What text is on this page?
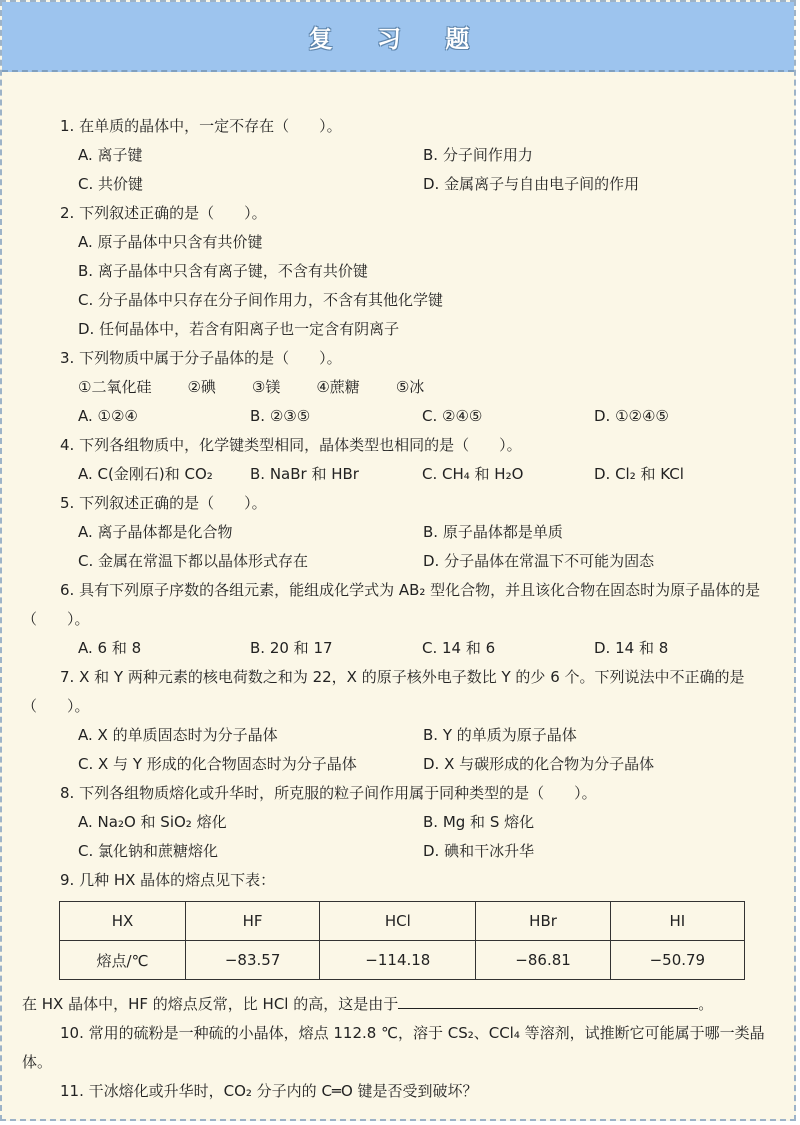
复 习 题

1. 在单质的晶体中，一定不存在（　　）。

A. 离子键	B. 分子间作用力
C. 共价键	D. 金属离子与自由电子间的作用

2. 下列叙述正确的是（　　）。

A. 原子晶体中只含有共价键
B. 离子晶体中只含有离子键，不含有共价键
C. 分子晶体中只存在分子间作用力，不含有其他化学键
D. 任何晶体中，若含有阳离子也一定含有阴离子

3. 下列物质中属于分子晶体的是（　　）。

①二氧化硅 ②碘 ③镁 ④蔗糖 ⑤冰
A. ①②④	B. ②③⑤	C. ②④⑤	D. ①②④⑤

4. 下列各组物质中，化学键类型相同，晶体类型也相同的是（　　）。

A. C(金刚石)和 CO₂	B. NaBr 和 HBr	C. CH₄ 和 H₂O	D. Cl₂ 和 KCl

5. 下列叙述正确的是（　　）。

A. 离子晶体都是化合物	B. 原子晶体都是单质
C. 金属在常温下都以晶体形式存在	D. 分子晶体在常温下不可能为固态

6. 具有下列原子序数的各组元素，能组成化学式为 AB₂ 型化合物，并且该化合物在固态时为原子晶体的是（　　）。

A. 6 和 8	B. 20 和 17	C. 14 和 6	D. 14 和 8

7. X 和 Y 两种元素的核电荷数之和为 22，X 的原子核外电子数比 Y 的少 6 个。下列说法中不正确的是（　　）。

A. X 的单质固态时为分子晶体	B. Y 的单质为原子晶体
C. X 与 Y 形成的化合物固态时为分子晶体	D. X 与碳形成的化合物为分子晶体

8. 下列各组物质熔化或升华时，所克服的粒子间作用属于同种类型的是（　　）。

A. Na₂O 和 SiO₂ 熔化	B. Mg 和 S 熔化
C. 氯化钠和蔗糖熔化	D. 碘和干冰升华

9. 几种 HX 晶体的熔点见下表：

HX	HF	HCl	HBr	HI
熔点/℃	−83.57	−114.18	−86.81	−50.79

在 HX 晶体中，HF 的熔点反常，比 HCl 的高，这是由于	。

10. 常用的硫粉是一种硫的小晶体，熔点 112.8 ℃，溶于 CS₂、CCl₄ 等溶剂，试推断它可能属于哪一类晶体。

11. 干冰熔化或升华时，CO₂ 分子内的 C═O 键是否受到破坏？
